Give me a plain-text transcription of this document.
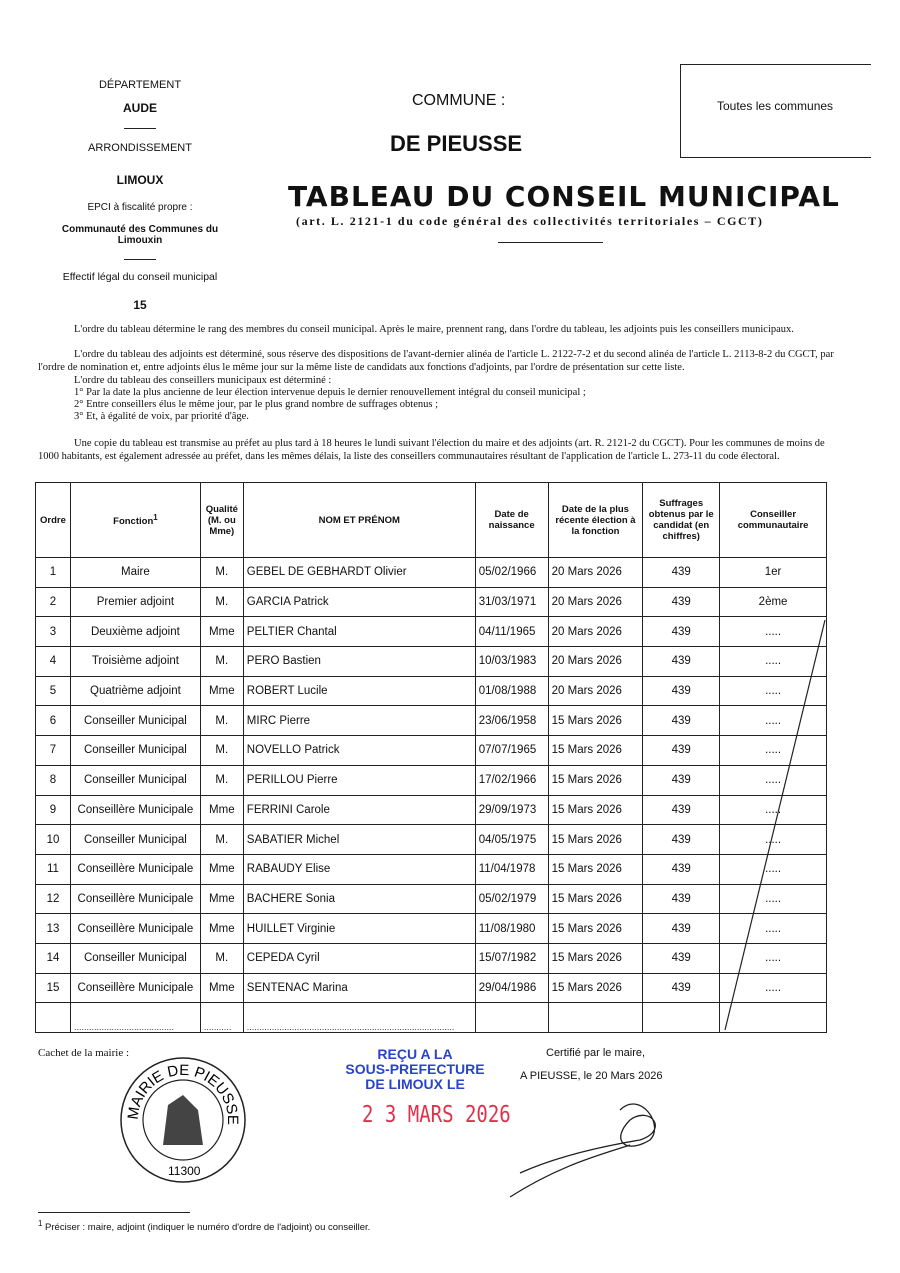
DÉPARTEMENT
AUDE
ARRONDISSEMENT
LIMOUX
EPCI à fiscalité propre :
Communauté des Communes du Limouxin
Effectif légal du conseil municipal
15
COMMUNE :
DE PIEUSSE
Toutes les communes
TABLEAU DU CONSEIL MUNICIPAL
(art. L. 2121-1 du code général des collectivités territoriales – CGCT)
L'ordre du tableau détermine le rang des membres du conseil municipal. Après le maire, prennent rang, dans l'ordre du tableau, les adjoints puis les conseillers municipaux.
L'ordre du tableau des adjoints est déterminé, sous réserve des dispositions de l'avant-dernier alinéa de l'article L. 2122-7-2 et du second alinéa de l'article L. 2113-8-2 du CGCT, par l'ordre de nomination et, entre adjoints élus le même jour sur la même liste de candidats aux fonctions d'adjoints, par l'ordre de présentation sur cette liste.
L'ordre du tableau des conseillers municipaux est déterminé :
1° Par la date la plus ancienne de leur élection intervenue depuis le dernier renouvellement intégral du conseil municipal ;
2° Entre conseillers élus le même jour, par le plus grand nombre de suffrages obtenus ;
3° Et, à égalité de voix, par priorité d'âge.
Une copie du tableau est transmise au préfet au plus tard à 18 heures le lundi suivant l'élection du maire et des adjoints (art. R. 2121-2 du CGCT). Pour les communes de moins de 1000 habitants, est également adressée au préfet, dans les mêmes délais, la liste des conseillers communautaires résultant de l'application de l'article L. 273-11 du code électoral.
Ordre	Fonction$^1$	Qualité (M. ou Mme)	NOM ET PRÉNOM	Date de naissance	Date de la plus récente élection à la fonction	Suffrages obtenus par le candidat (en chiffres)	Conseiller communautaire
1	Maire	M.	GEBEL DE GEBHARDT Olivier	05/02/1966	20 Mars 2026	439	1er
2	Premier adjoint	M.	GARCIA Patrick	31/03/1971	20 Mars 2026	439	2ème
3	Deuxième adjoint	Mme	PELTIER Chantal	04/11/1965	20 Mars 2026	439	.....
4	Troisième adjoint	M.	PERO Bastien	10/03/1983	20 Mars 2026	439	.....
5	Quatrième adjoint	Mme	ROBERT Lucile	01/08/1988	20 Mars 2026	439	.....
6	Conseiller Municipal	M.	MIRC Pierre	23/06/1958	15 Mars 2026	439	.....
7	Conseiller Municipal	M.	NOVELLO Patrick	07/07/1965	15 Mars 2026	439	.....
8	Conseiller Municipal	M.	PERILLOU Pierre	17/02/1966	15 Mars 2026	439	.....
9	Conseillère Municipale	Mme	FERRINI Carole	29/09/1973	15 Mars 2026	439	.....
10	Conseiller Municipal	M.	SABATIER Michel	04/05/1975	15 Mars 2026	439	.....
11	Conseillère Municipale	Mme	RABAUDY Elise	11/04/1978	15 Mars 2026	439	.....
12	Conseillère Municipale	Mme	BACHERE Sonia	05/02/1979	15 Mars 2026	439	.....
13	Conseillère Municipale	Mme	HUILLET Virginie	11/08/1980	15 Mars 2026	439	.....
14	Conseiller Municipal	M.	CEPEDA Cyril	15/07/1982	15 Mars 2026	439	.....
15	Conseillère Municipale	Mme	SENTENAC Marina	29/04/1986	15 Mars 2026	439	.....
	........................................	...........	...................................................................................				
Cachet de la mairie :
MAIRIE DE PIEUSSE
11300
REÇU A LA
SOUS-PREFECTURE
DE LIMOUX LE
2 3 MARS 2026
Certifié par le maire,
A PIEUSSE, le 20 Mars 2026
$^1$ Préciser : maire, adjoint (indiquer le numéro d'ordre de l'adjoint) ou conseiller.
